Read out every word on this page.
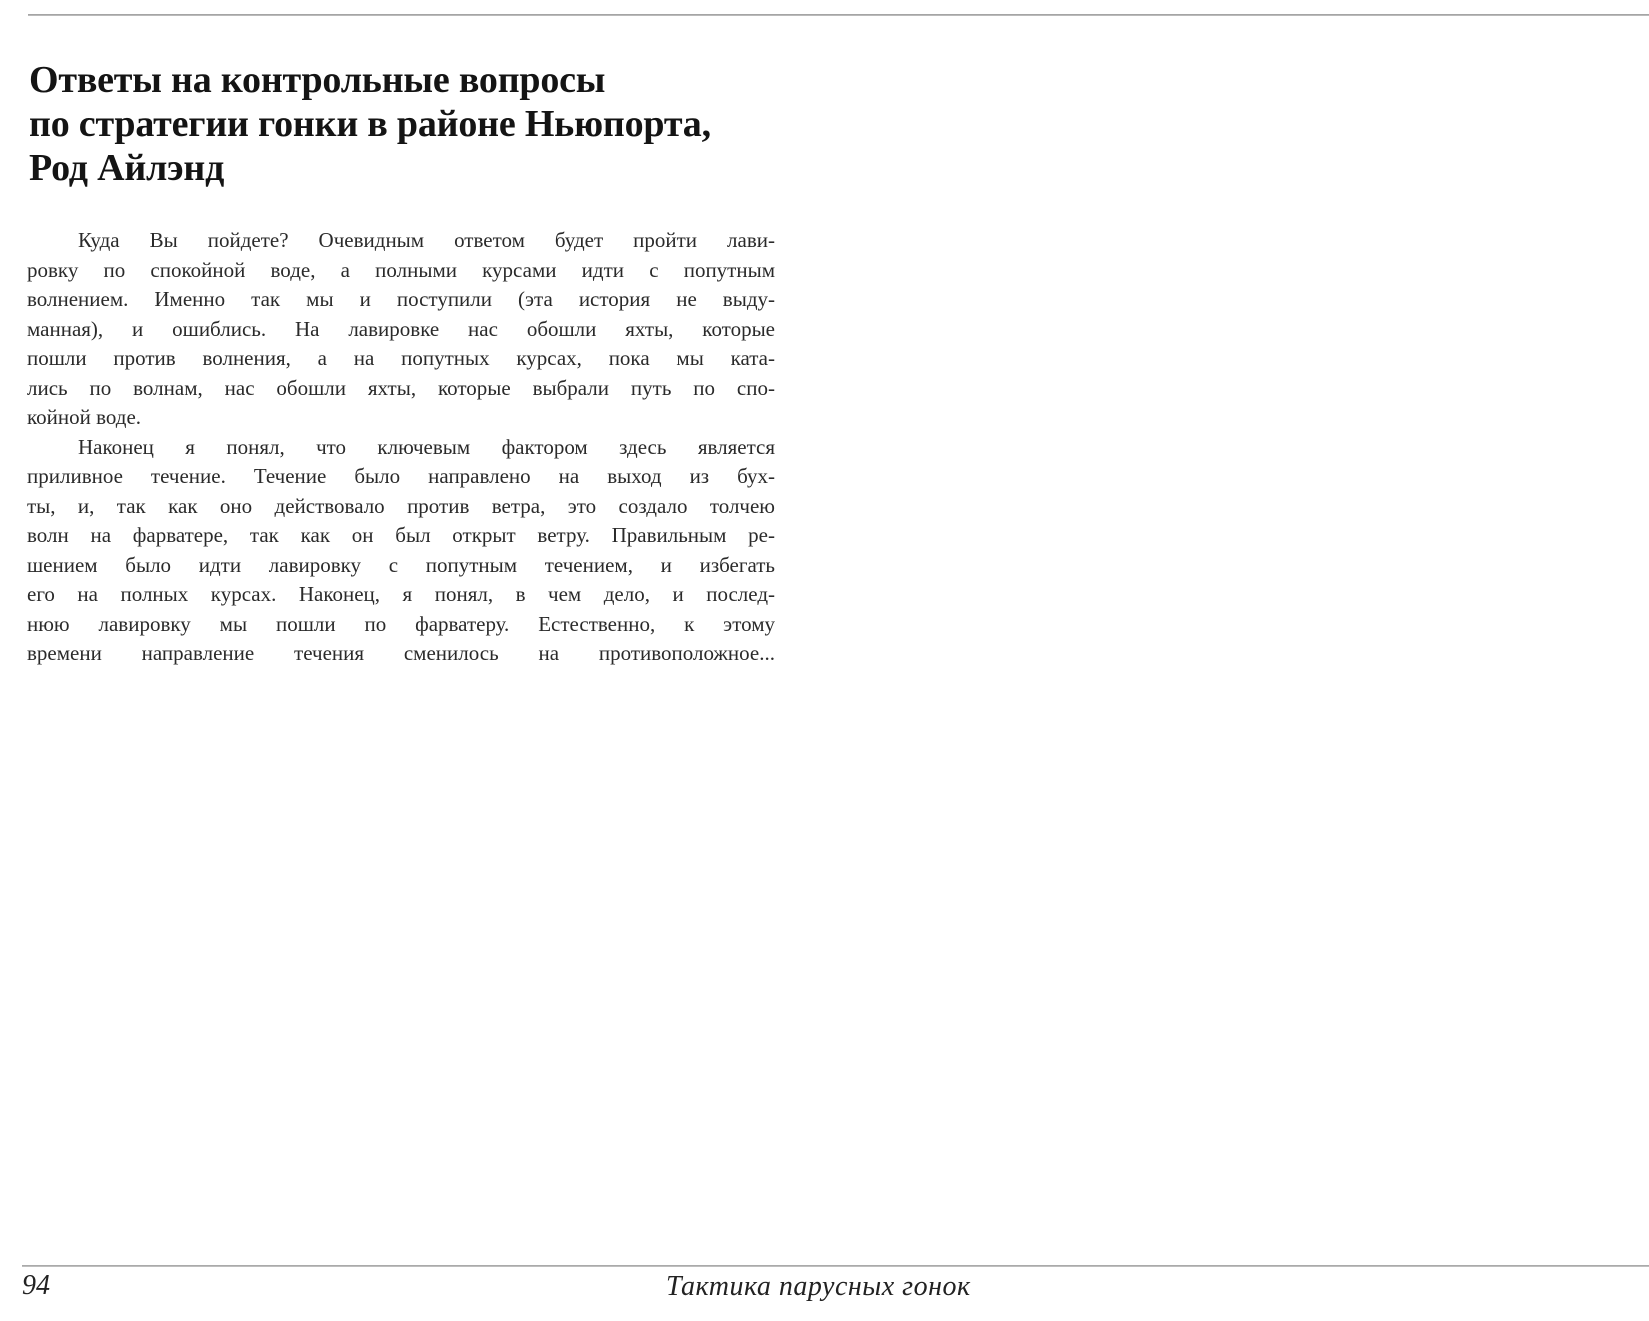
Ответы на контрольные вопросы
по стратегии гонки в районе Ньюпорта,
Род Айлэнд
Куда Вы пойдете? Очевидным ответом будет пройти лави-
ровку по спокойной воде, а полными курсами идти с попутным
волнением. Именно так мы и поступили (эта история не выду-
манная), и ошиблись. На лавировке нас обошли яхты, которые
пошли против волнения, а на попутных курсах, пока мы ката-
лись по волнам, нас обошли яхты, которые выбрали путь по спо-
койной воде.
Наконец я понял, что ключевым фактором здесь является
приливное течение. Течение было направлено на выход из бух-
ты, и, так как оно действовало против ветра, это создало толчею
волн на фарватере, так как он был открыт ветру. Правильным ре-
шением было идти лавировку с попутным течением, и избегать
его на полных курсах. Наконец, я понял, в чем дело, и послед-
нюю лавировку мы пошли по фарватеру. Естественно, к этому
времени направление течения сменилось на противоположное...
94	Тактика парусных гонок
